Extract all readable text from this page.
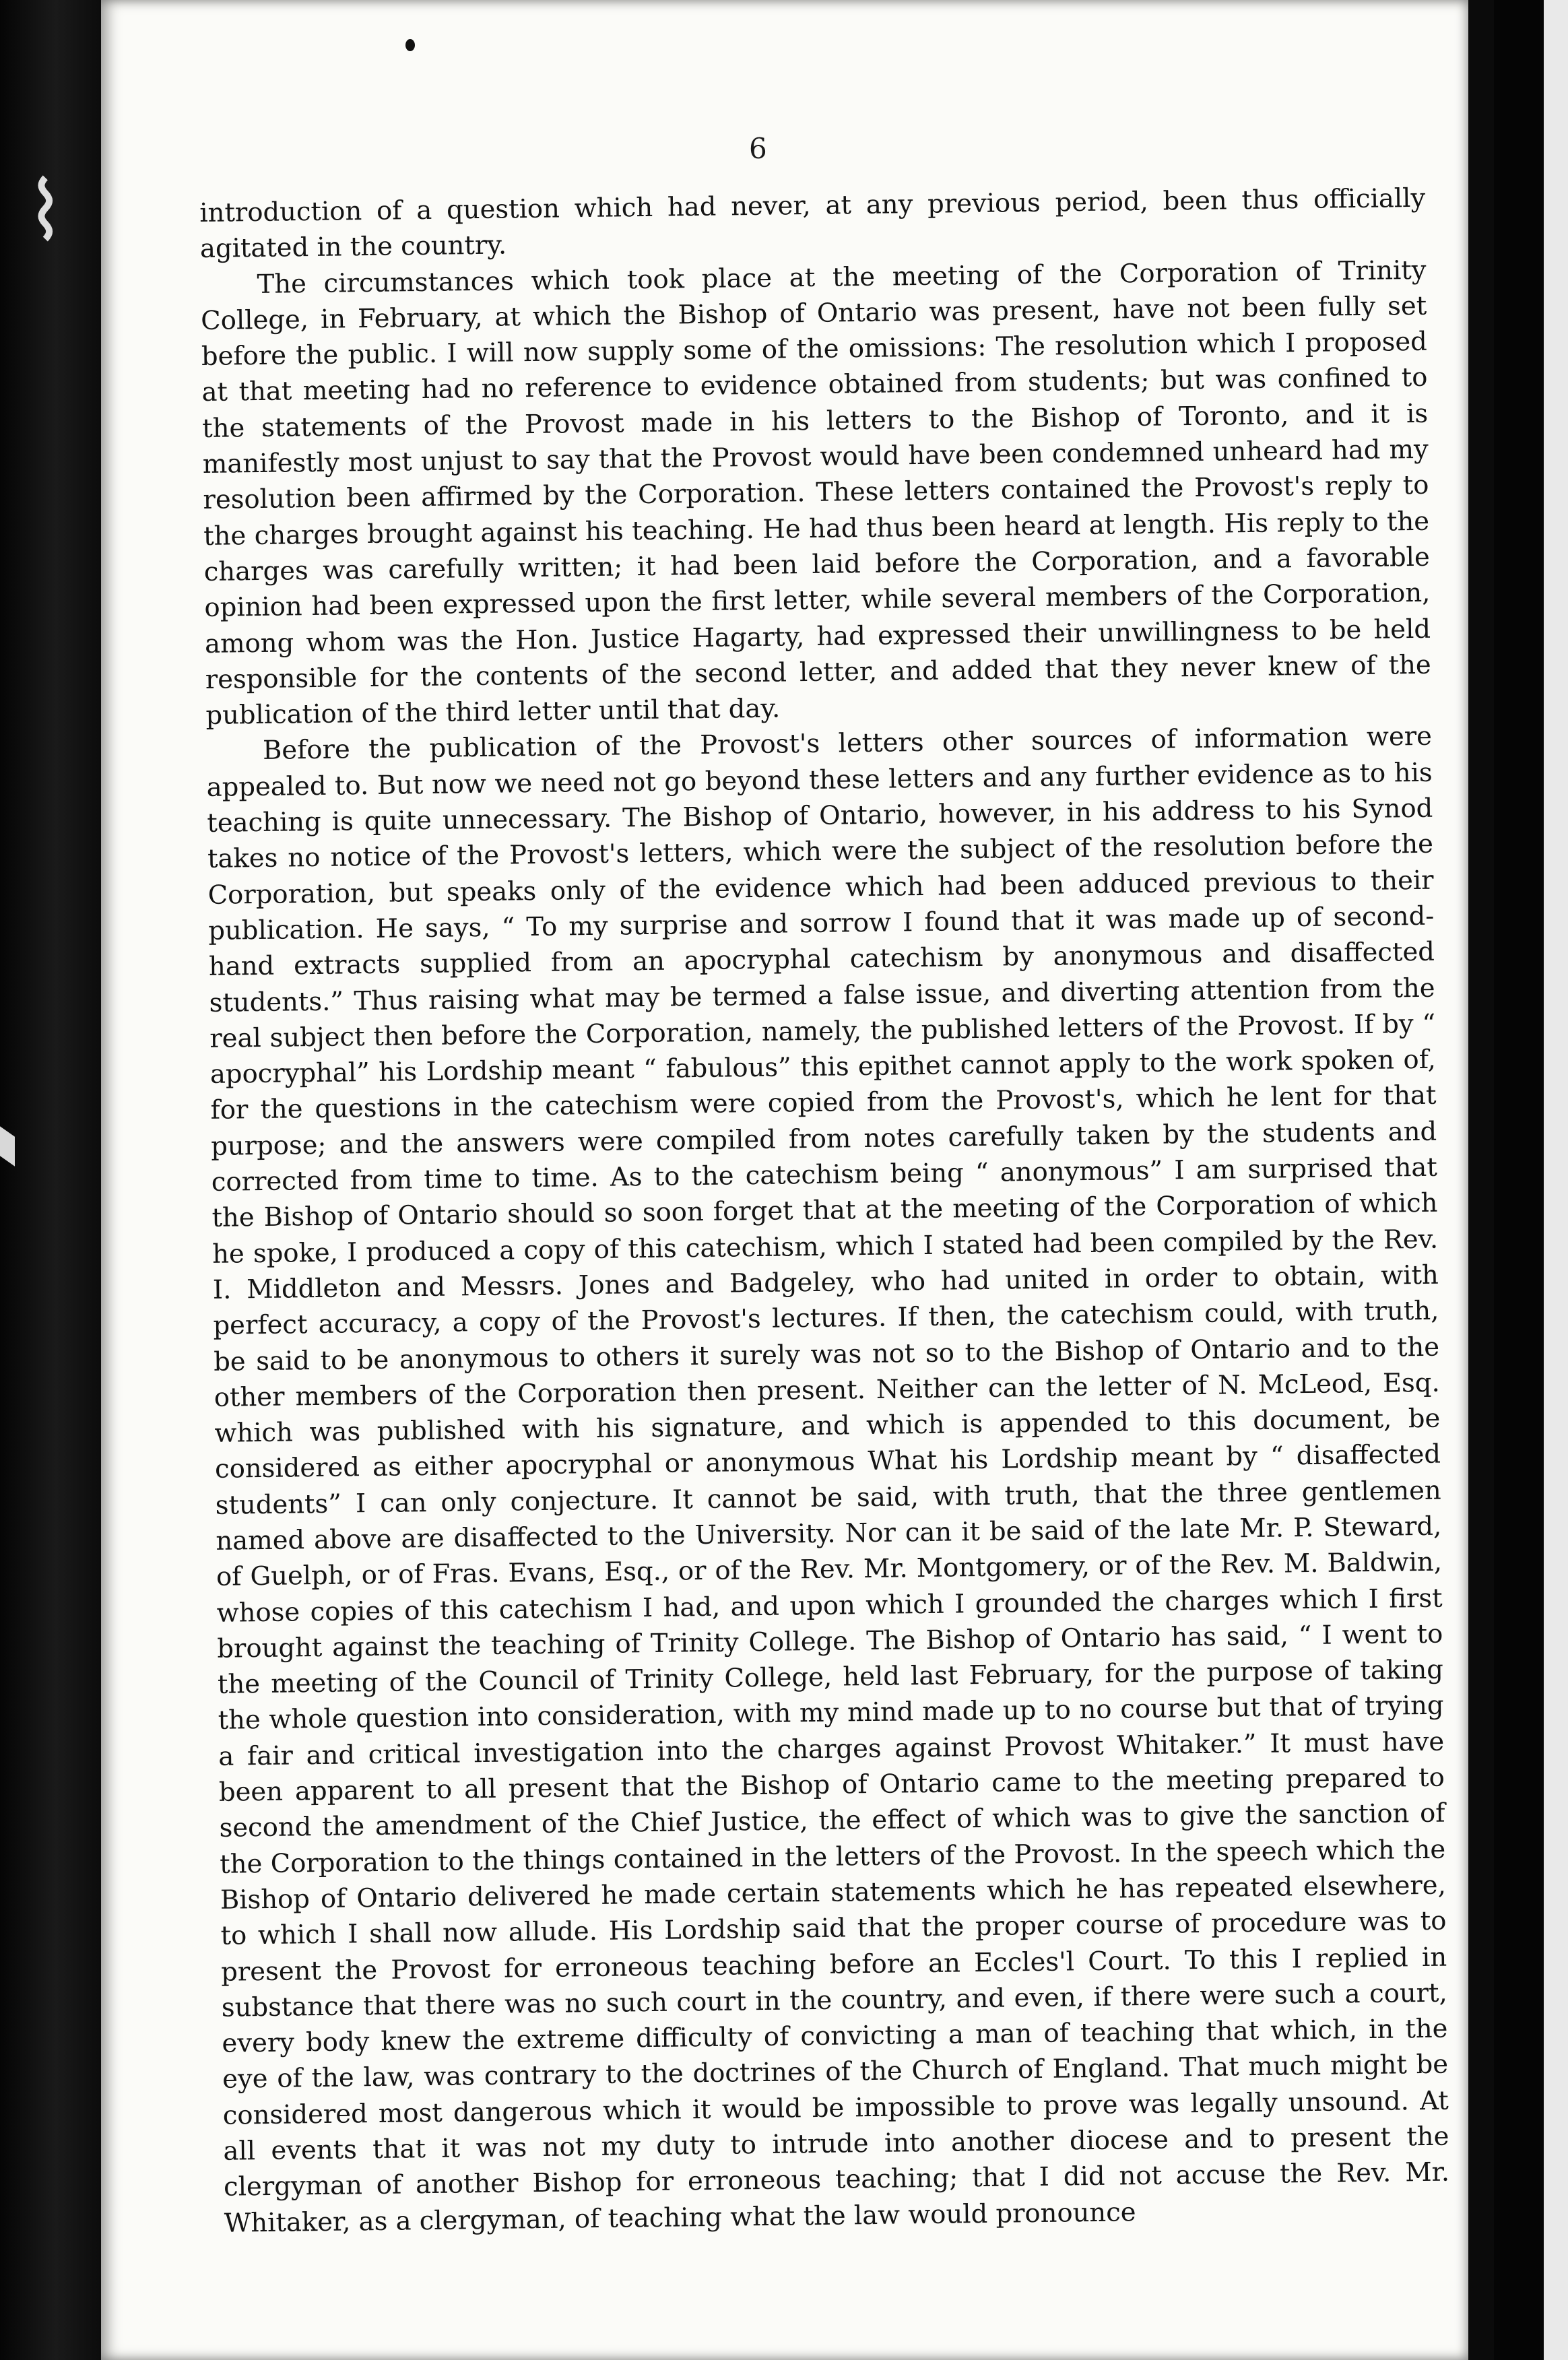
⌇
6

introduction of a question which had never, at any previous period, been thus officially agitated in the country.

The circumstances which took place at the meeting of the Corporation of Trinity College, in February, at which the Bishop of Ontario was present, have not been fully set before the public. I will now supply some of the omissions: The resolution which I proposed at that meeting had no reference to evidence obtained from students; but was confined to the statements of the Provost made in his letters to the Bishop of Toronto, and it is manifestly most unjust to say that the Provost would have been condemned unheard had my resolution been affirmed by the Corporation. These letters contained the Provost's reply to the charges brought against his teaching. He had thus been heard at length. His reply to the charges was carefully written; it had been laid before the Corporation, and a favorable opinion had been expressed upon the first letter, while several members of the Corporation, among whom was the Hon. Justice Hagarty, had expressed their unwillingness to be held responsible for the contents of the second letter, and added that they never knew of the publication of the third letter until that day.

Before the publication of the Provost's letters other sources of information were appealed to. But now we need not go beyond these letters and any further evidence as to his teaching is quite unnecessary. The Bishop of Ontario, however, in his address to his Synod takes no notice of the Provost's letters, which were the subject of the resolution before the Corporation, but speaks only of the evidence which had been adduced previous to their publication. He says, “ To my surprise and sorrow I found that it was made up of second-hand extracts supplied from an apocryphal catechism by anonymous and disaffected students.” Thus raising what may be termed a false issue, and diverting attention from the real subject then before the Corporation, namely, the published letters of the Provost. If by “ apocryphal” his Lordship meant “ fabulous” this epithet cannot apply to the work spoken of, for the questions in the catechism were copied from the Provost's, which he lent for that purpose; and the answers were compiled from notes carefully taken by the students and corrected from time to time. As to the catechism being “ anonymous” I am surprised that the Bishop of Ontario should so soon forget that at the meeting of the Corporation of which he spoke, I produced a copy of this catechism, which I stated had been compiled by the Rev. I. Middleton and Messrs. Jones and Badgeley, who had united in order to obtain, with perfect accuracy, a copy of the Provost's lectures. If then, the catechism could, with truth, be said to be anonymous to others it surely was not so to the Bishop of Ontario and to the other members of the Corporation then present. Neither can the letter of N. McLeod, Esq. which was published with his signature, and which is appended to this document, be considered as either apocryphal or anonymous What his Lordship meant by “ disaffected students” I can only conjecture. It cannot be said, with truth, that the three gentlemen named above are disaffected to the University. Nor can it be said of the late Mr. P. Steward, of Guelph, or of Fras. Evans, Esq., or of the Rev. Mr. Montgomery, or of the Rev. M. Baldwin, whose copies of this catechism I had, and upon which I grounded the charges which I first brought against the teaching of Trinity College. The Bishop of Ontario has said, “ I went to the meeting of the Council of Trinity College, held last February, for the purpose of taking the whole question into consideration, with my mind made up to no course but that of trying a fair and critical investigation into the charges against Provost Whitaker.” It must have been apparent to all present that the Bishop of Ontario came to the meeting prepared to second the amendment of the Chief Justice, the effect of which was to give the sanction of the Corporation to the things contained in the letters of the Provost. In the speech which the Bishop of Ontario delivered he made certain statements which he has repeated elsewhere, to which I shall now allude. His Lordship said that the proper course of procedure was to present the Provost for erroneous teaching before an Eccles'l Court. To this I replied in substance that there was no such court in the country, and even, if there were such a court, every body knew the extreme difficulty of convicting a man of teaching that which, in the eye of the law, was contrary to the doctrines of the Church of England. That much might be considered most dangerous which it would be impossible to prove was legally unsound. At all events that it was not my duty to intrude into another diocese and to present the clergyman of another Bishop for erroneous teaching; that I did not accuse the Rev. Mr. Whitaker, as a clergyman, of teaching what the law would pronounce
